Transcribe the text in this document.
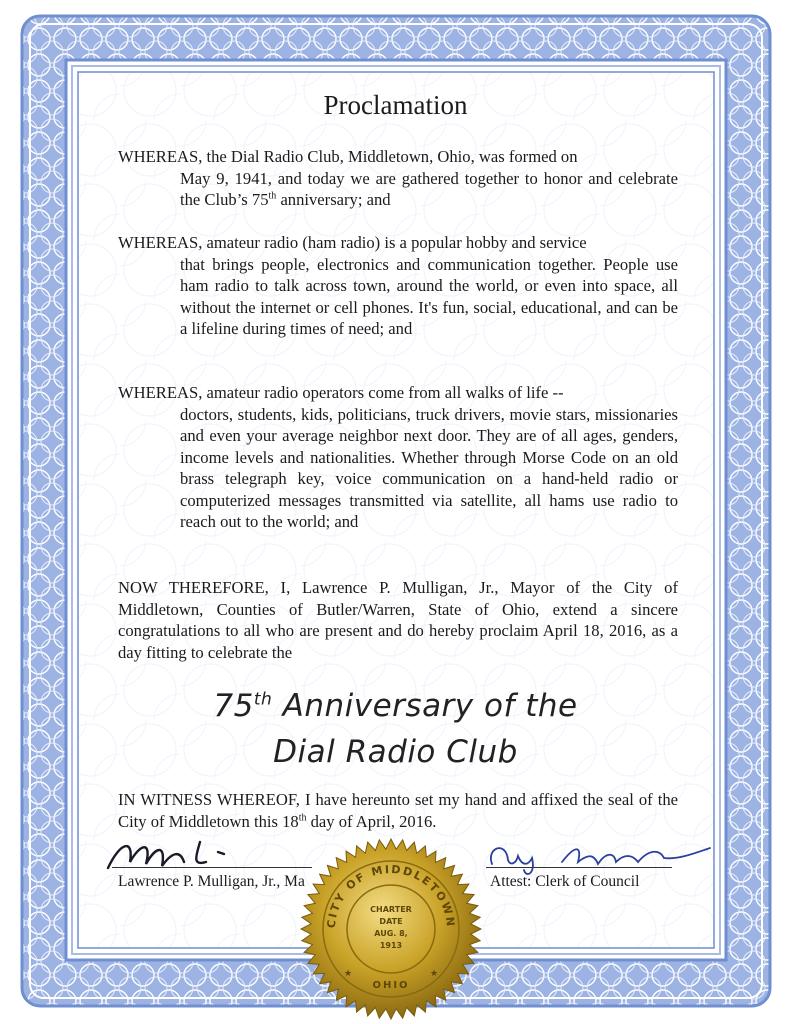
Proclamation
WHEREAS, the Dial Radio Club, Middletown, Ohio, was formed on
May 9, 1941, and today we are gathered together to honor and celebrate the Club’s 75th anniversary; and
WHEREAS, amateur radio (ham radio) is a popular hobby and service
that brings people, electronics and communication together. People use ham radio to talk across town, around the world, or even into space, all without the internet or cell phones. It's fun, social, educational, and can be a lifeline during times of need; and
WHEREAS, amateur radio operators come from all walks of life --
doctors, students, kids, politicians, truck drivers, movie stars, missionaries and even your average neighbor next door. They are of all ages, genders, income levels and nationalities. Whether through Morse Code on an old brass telegraph key, voice communication on a hand-held radio or computerized messages transmitted via satellite, all hams use radio to reach out to the world; and
NOW THEREFORE, I, Lawrence P. Mulligan, Jr., Mayor of the City of Middletown, Counties of Butler/Warren, State of Ohio, extend a sincere congratulations to all who are present and do hereby proclaim April 18, 2016, as a day fitting to celebrate the
75th Anniversary of the
Dial Radio Club
IN WITNESS WHEREOF, I have hereunto set my hand and affixed the seal of the City of Middletown this 18th day of April, 2016.
Lawrence P. Mulligan, Jr., Ma	Attest: Clerk of Council
CITY OF MIDDLETOWN
CHARTER
DATE
AUG. 8,
1913
OHIO
★	★
